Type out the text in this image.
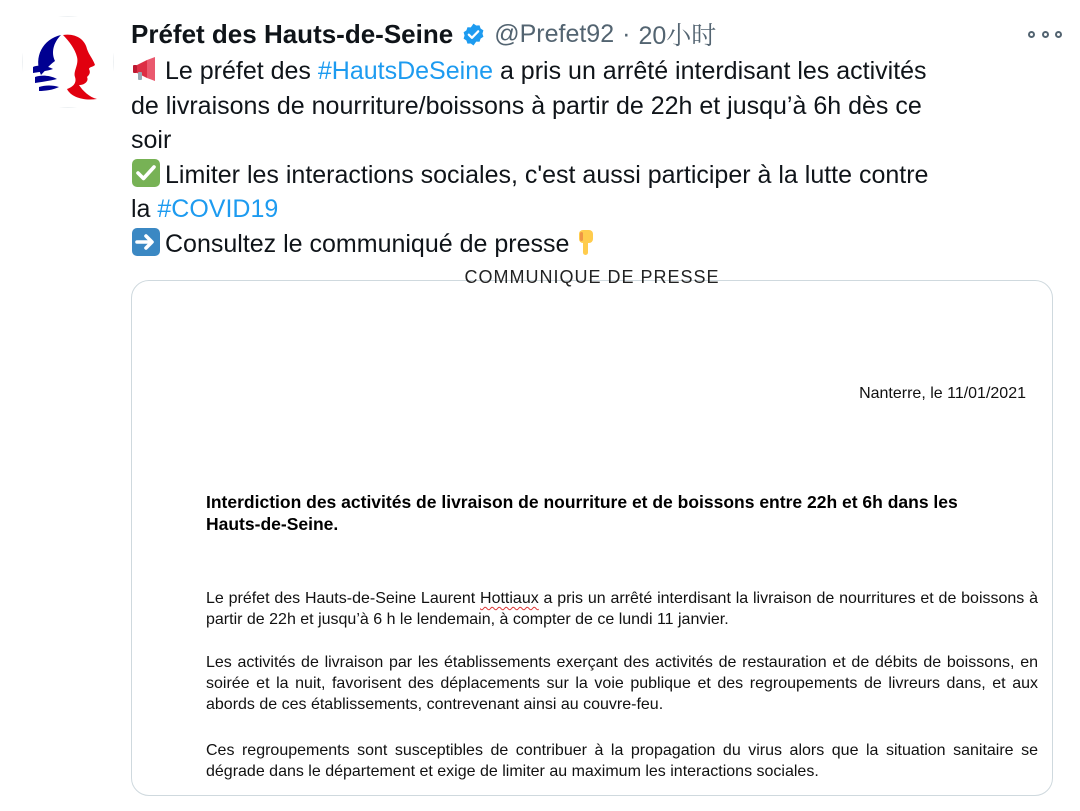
Préfet des Hauts-de-Seine @Prefet92 · 20小时
Le préfet des #HautsDeSeine a pris un arrêté interdisant les activités
de livraisons de nourriture/boissons à partir de 22h et jusqu’à 6h dès ce
soir
Limiter les interactions sociales, c'est aussi participer à la lutte contre
la #COVID19
Consultez le communiqué de presse
COMMUNIQUE DE PRESSE
Nanterre, le 11/01/2021
Interdiction des activités de livraison de nourriture et de boissons entre 22h et 6h dans les Hauts-de-Seine.
Le préfet des Hauts-de-Seine Laurent Hottiaux a pris un arrêté interdisant la livraison de nourritures et de boissons à partir de 22h et jusqu’à 6 h le lendemain, à compter de ce lundi 11 janvier.
Les activités de livraison par les établissements exerçant des activités de restauration et de débits de boissons, en soirée et la nuit, favorisent des déplacements sur la voie publique et des regroupements de livreurs dans, et aux abords de ces établissements, contrevenant ainsi au couvre-feu.
Ces regroupements sont susceptibles de contribuer à la propagation du virus alors que la situation sanitaire se dégrade dans le département et exige de limiter au maximum les interactions sociales.
